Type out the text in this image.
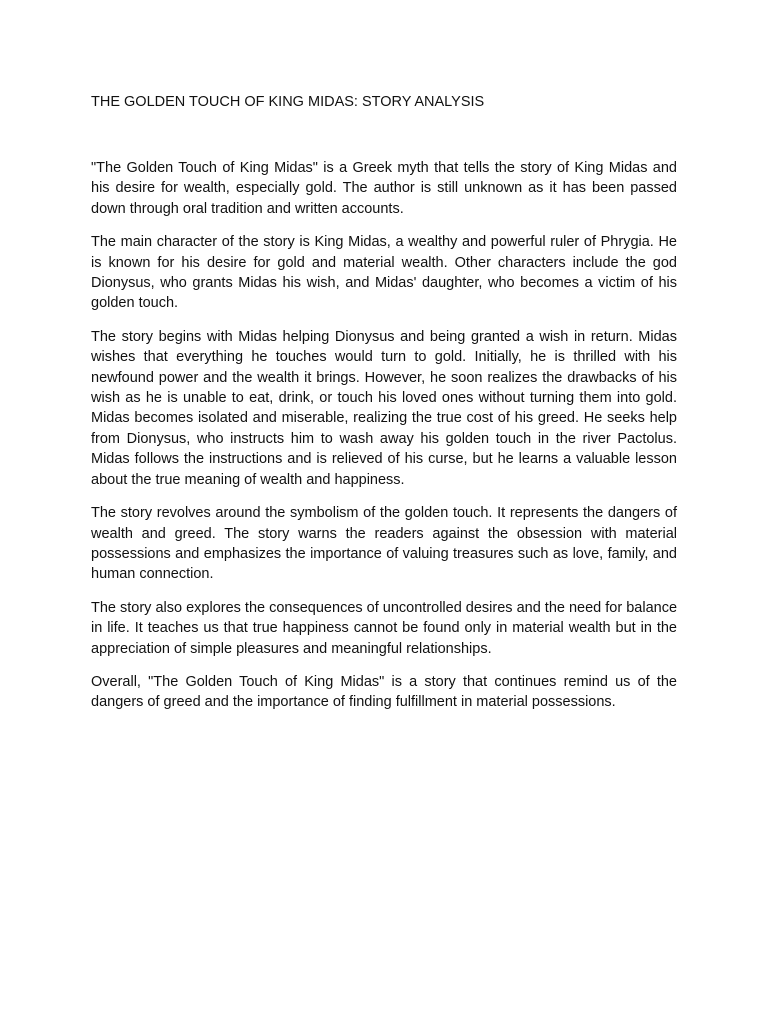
THE GOLDEN TOUCH OF KING MIDAS: STORY ANALYSIS

"The Golden Touch of King Midas" is a Greek myth that tells the story of King Midas and his desire for wealth, especially gold. The author is still unknown as it has been passed down through oral tradition and written accounts.

The main character of the story is King Midas, a wealthy and powerful ruler of Phrygia. He is known for his desire for gold and material wealth. Other characters include the god Dionysus, who grants Midas his wish, and Midas' daughter, who becomes a victim of his golden touch.

The story begins with Midas helping Dionysus and being granted a wish in return. Midas wishes that everything he touches would turn to gold. Initially, he is thrilled with his newfound power and the wealth it brings. However, he soon realizes the drawbacks of his wish as he is unable to eat, drink, or touch his loved ones without turning them into gold. Midas becomes isolated and miserable, realizing the true cost of his greed. He seeks help from Dionysus, who instructs him to wash away his golden touch in the river Pactolus. Midas follows the instructions and is relieved of his curse, but he learns a valuable lesson about the true meaning of wealth and happiness.

The story revolves around the symbolism of the golden touch. It represents the dangers of wealth and greed. The story warns the readers against the obsession with material possessions and emphasizes the importance of valuing treasures such as love, family, and human connection.

The story also explores the consequences of uncontrolled desires and the need for balance in life. It teaches us that true happiness cannot be found only in material wealth but in the appreciation of simple pleasures and meaningful relationships.

Overall, "The Golden Touch of King Midas" is a story that continues remind us of the dangers of greed and the importance of finding fulfillment in material possessions.
